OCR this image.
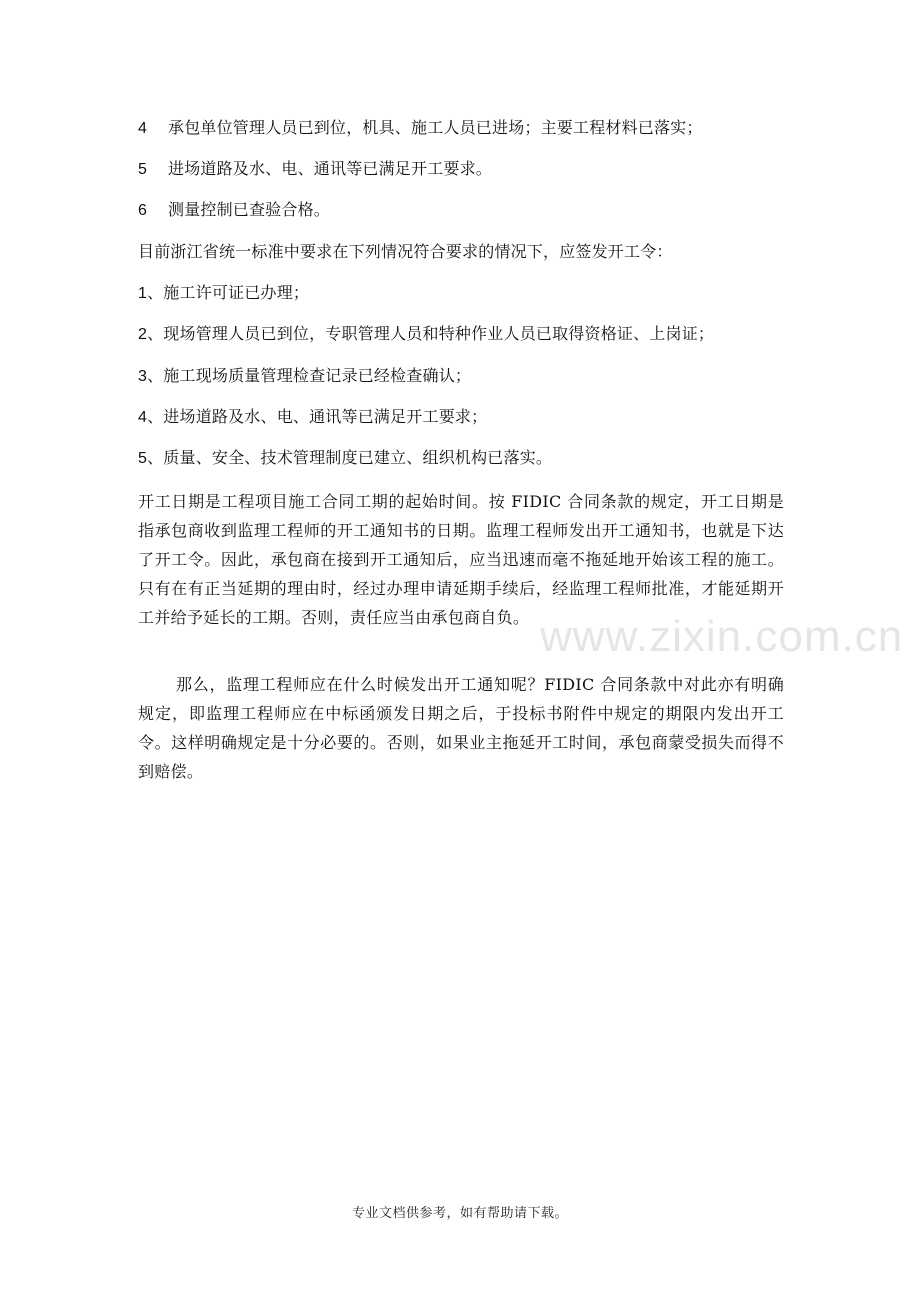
4 承包单位管理人员已到位，机具、施工人员已进场；主要工程材料已落实；
5 进场道路及水、电、通讯等已满足开工要求。
6 测量控制已查验合格。
目前浙江省统一标准中要求在下列情况符合要求的情况下，应签发开工令：
1、施工许可证已办理；
2、现场管理人员已到位，专职管理人员和特种作业人员已取得资格证、上岗证；
3、施工现场质量管理检查记录已经检查确认；
4、进场道路及水、电、通讯等已满足开工要求；
5、质量、安全、技术管理制度已建立、组织机构已落实。
开工日期是工程项目施工合同工期的起始时间。按 FIDIC 合同条款的规定，开工日期是指承包商收到监理工程师的开工通知书的日期。监理工程师发出开工通知书，也就是下达了开工令。因此，承包商在接到开工通知后，应当迅速而毫不拖延地开始该工程的施工。只有在有正当延期的理由时，经过办理申请延期手续后，经监理工程师批准，才能延期开工并给予延长的工期。否则，责任应当由承包商自负。
那么，监理工程师应在什么时候发出开工通知呢？FIDIC 合同条款中对此亦有明确规定，即监理工程师应在中标函颁发日期之后，于投标书附件中规定的期限内发出开工令。这样明确规定是十分必要的。否则，如果业主拖延开工时间，承包商蒙受损失而得不到赔偿。
www.zixin.com.cn
专业文档供参考，如有帮助请下载。
